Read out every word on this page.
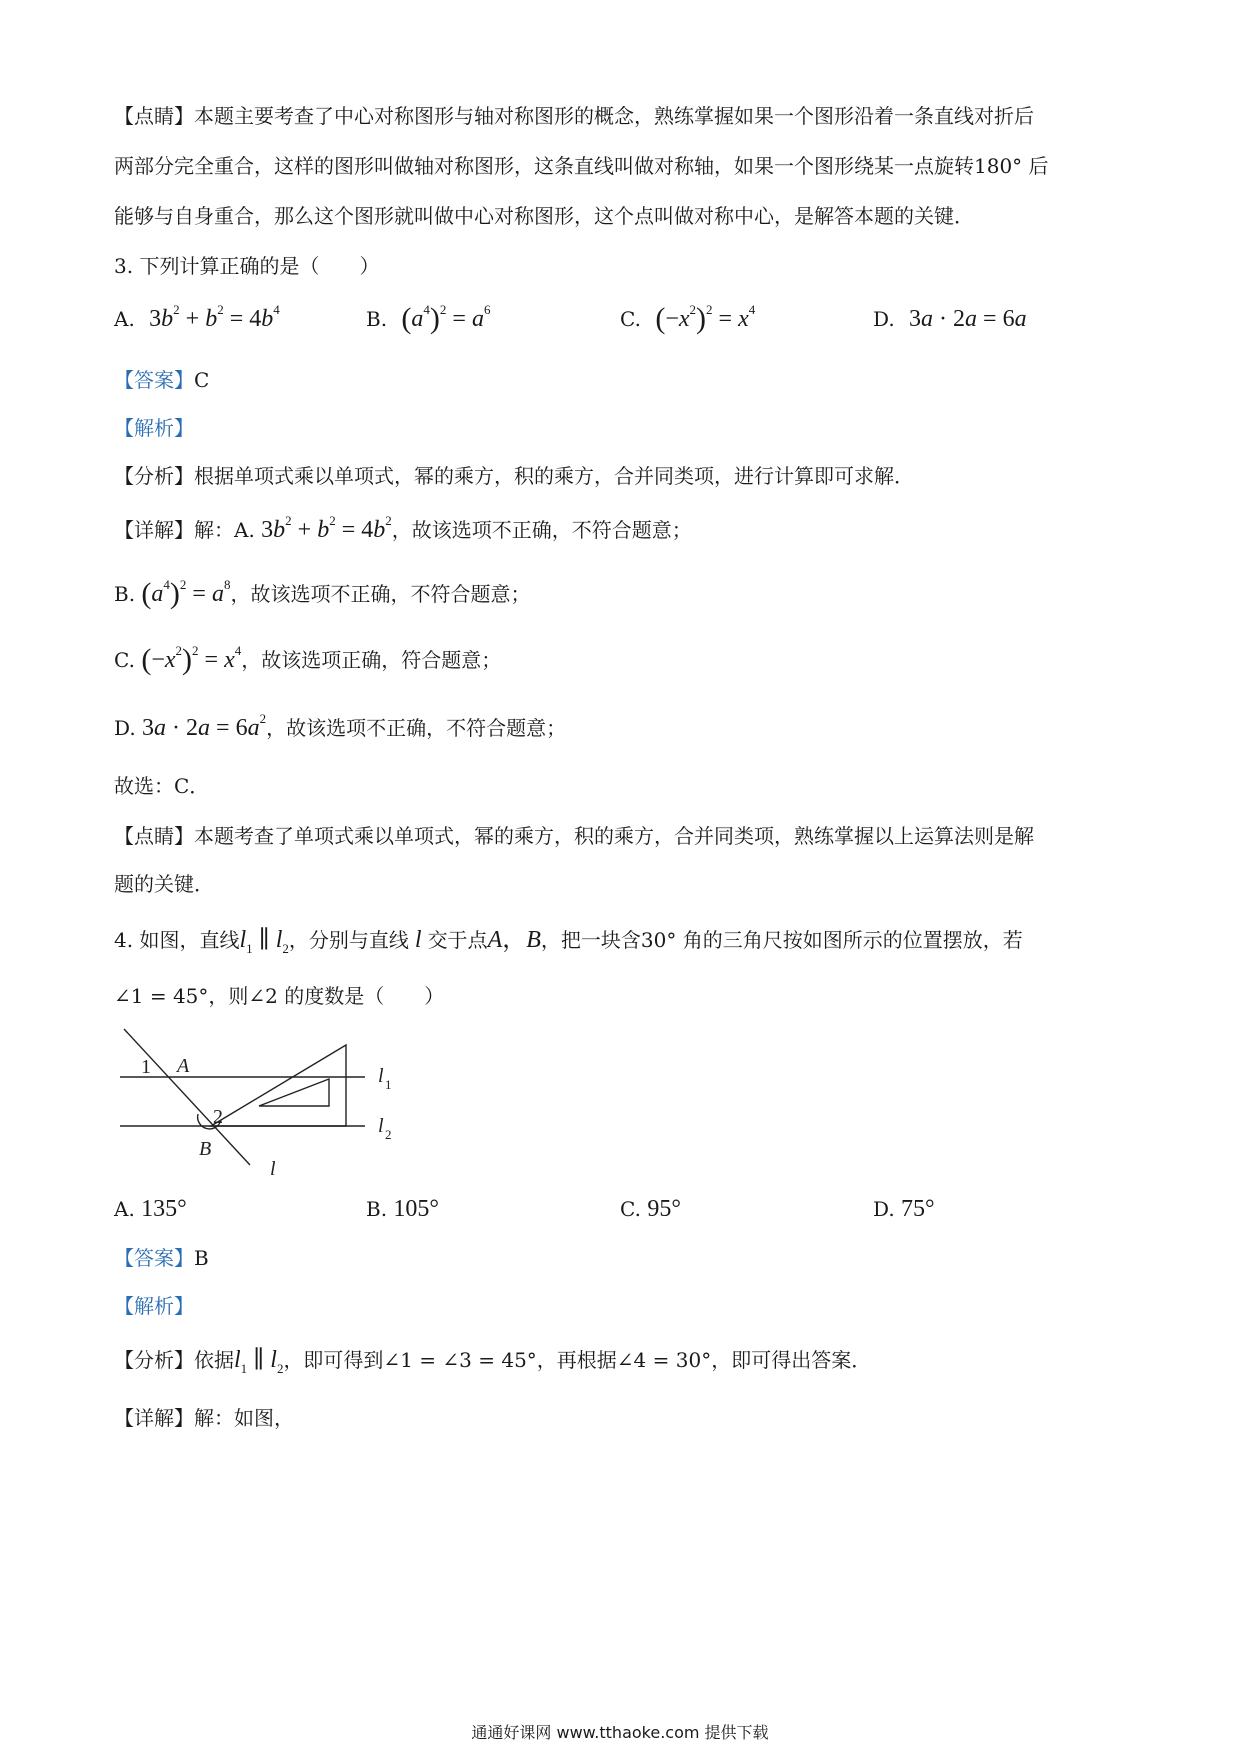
【点睛】本题主要考查了中心对称图形与轴对称图形的概念，熟练掌握如果一个图形沿着一条直线对折后
两部分完全重合，这样的图形叫做轴对称图形，这条直线叫做对称轴，如果一个图形绕某一点旋转180° 后
能够与自身重合，那么这个图形就叫做中心对称图形，这个点叫做对称中心，是解答本题的关键．
3. 下列计算正确的是（　　）
A. $3b^2 + b^2 = 4b^4$	B. $(a^4)^2 = a^6$	C. $(-x^2)^2 = x^4$	D. 3a · 2a = 6a
【答案】C
【解析】
【分析】根据单项式乘以单项式，幂的乘方，积的乘方，合并同类项，进行计算即可求解．
【详解】解：A. $3b^2 + b^2 = 4b^2$，故该选项不正确，不符合题意；
B. $(a^4)^2 = a^8$，故该选项不正确，不符合题意；
C. $(-x^2)^2 = x^4$，故该选项正确，符合题意；
D. $3a \cdot 2a = 6a^2$，故该选项不正确，不符合题意；
故选：C．
【点睛】本题考查了单项式乘以单项式，幂的乘方，积的乘方，合并同类项，熟练掌握以上运算法则是解
题的关键．
4. 如图，直线$l_1$ ∥ $l_2$，分别与直线 l 交于点A，B，把一块含30° 角的三角尺按如图所示的位置摆放，若
∠1 = 45°，则∠2 的度数是（　　）
1 A
2
B
l
l 1
l 2
A. 135°	B. 105°	C. 95°	D. 75°
【答案】B
【解析】
【分析】依据$l_1$ ∥ $l_2$，即可得到∠1 = ∠3 = 45°，再根据∠4 = 30°，即可得出答案．
【详解】解：如图，
通通好课网 www.tthaoke.com 提供下载
